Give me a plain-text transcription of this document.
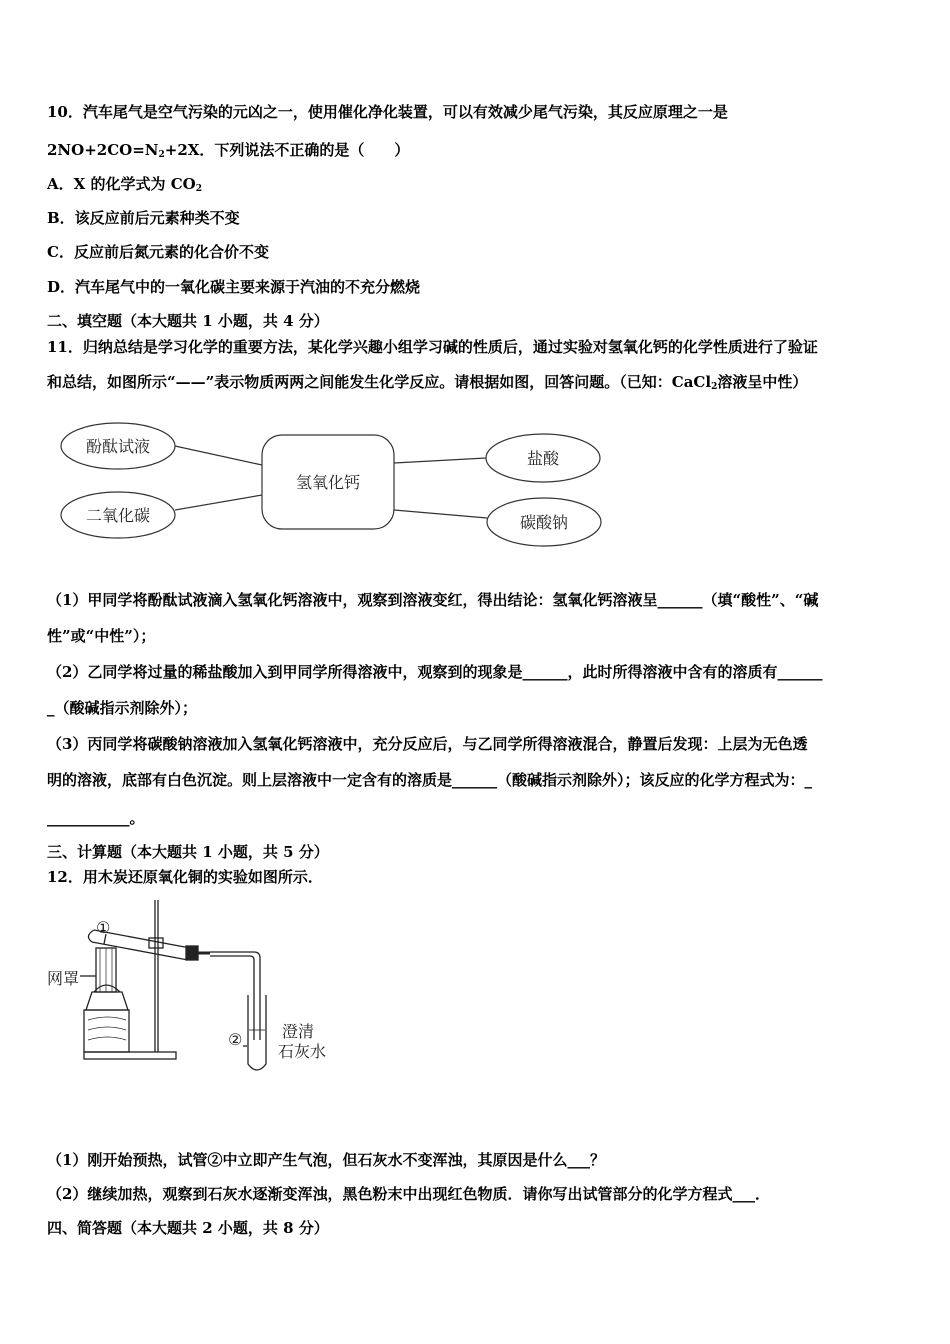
10．汽车尾气是空气污染的元凶之一，使用催化净化装置，可以有效减少尾气污染，其反应原理之一是
$2NO+2CO=N_2+2X$．下列说法不正确的是（　　）
A．X 的化学式为 $CO_2$
B．该反应前后元素种类不变
C．反应前后氮元素的化合价不变
D．汽车尾气中的一氧化碳主要来源于汽油的不充分燃烧
二、填空题（本大题共 1 小题，共 4 分）
11．归纳总结是学习化学的重要方法，某化学兴趣小组学习碱的性质后，通过实验对氢氧化钙的化学性质进行了验证
和总结，如图所示“——”表示物质两两之间能发生化学反应。请根据如图，回答问题。（已知：CaCl$_2$溶液呈中性）
酚酞试液
二氧化碳
氢氧化钙
盐酸
碳酸钠
①
②
网罩
澄清
石灰水
（1）甲同学将酚酞试液滴入氢氧化钙溶液中，观察到溶液变红，得出结论：氢氧化钙溶液呈______（填“酸性”、“碱
性”或“中性”）；
（2）乙同学将过量的稀盐酸加入到甲同学所得溶液中，观察到的现象是______，此时所得溶液中含有的溶质有______
_（酸碱指示剂除外）；
（3）丙同学将碳酸钠溶液加入氢氧化钙溶液中，充分反应后，与乙同学所得溶液混合，静置后发现：上层为无色透
明的溶液，底部有白色沉淀。则上层溶液中一定含有的溶质是______（酸碱指示剂除外）；该反应的化学方程式为：_
___________。
三、计算题（本大题共 1 小题，共 5 分）
12．用木炭还原氧化铜的实验如图所示．
（1）刚开始预热，试管②中立即产生气泡，但石灰水不变浑浊，其原因是什么___？
（2）继续加热，观察到石灰水逐渐变浑浊，黑色粉末中出现红色物质．请你写出试管部分的化学方程式___．
四、简答题（本大题共 2 小题，共 8 分）
